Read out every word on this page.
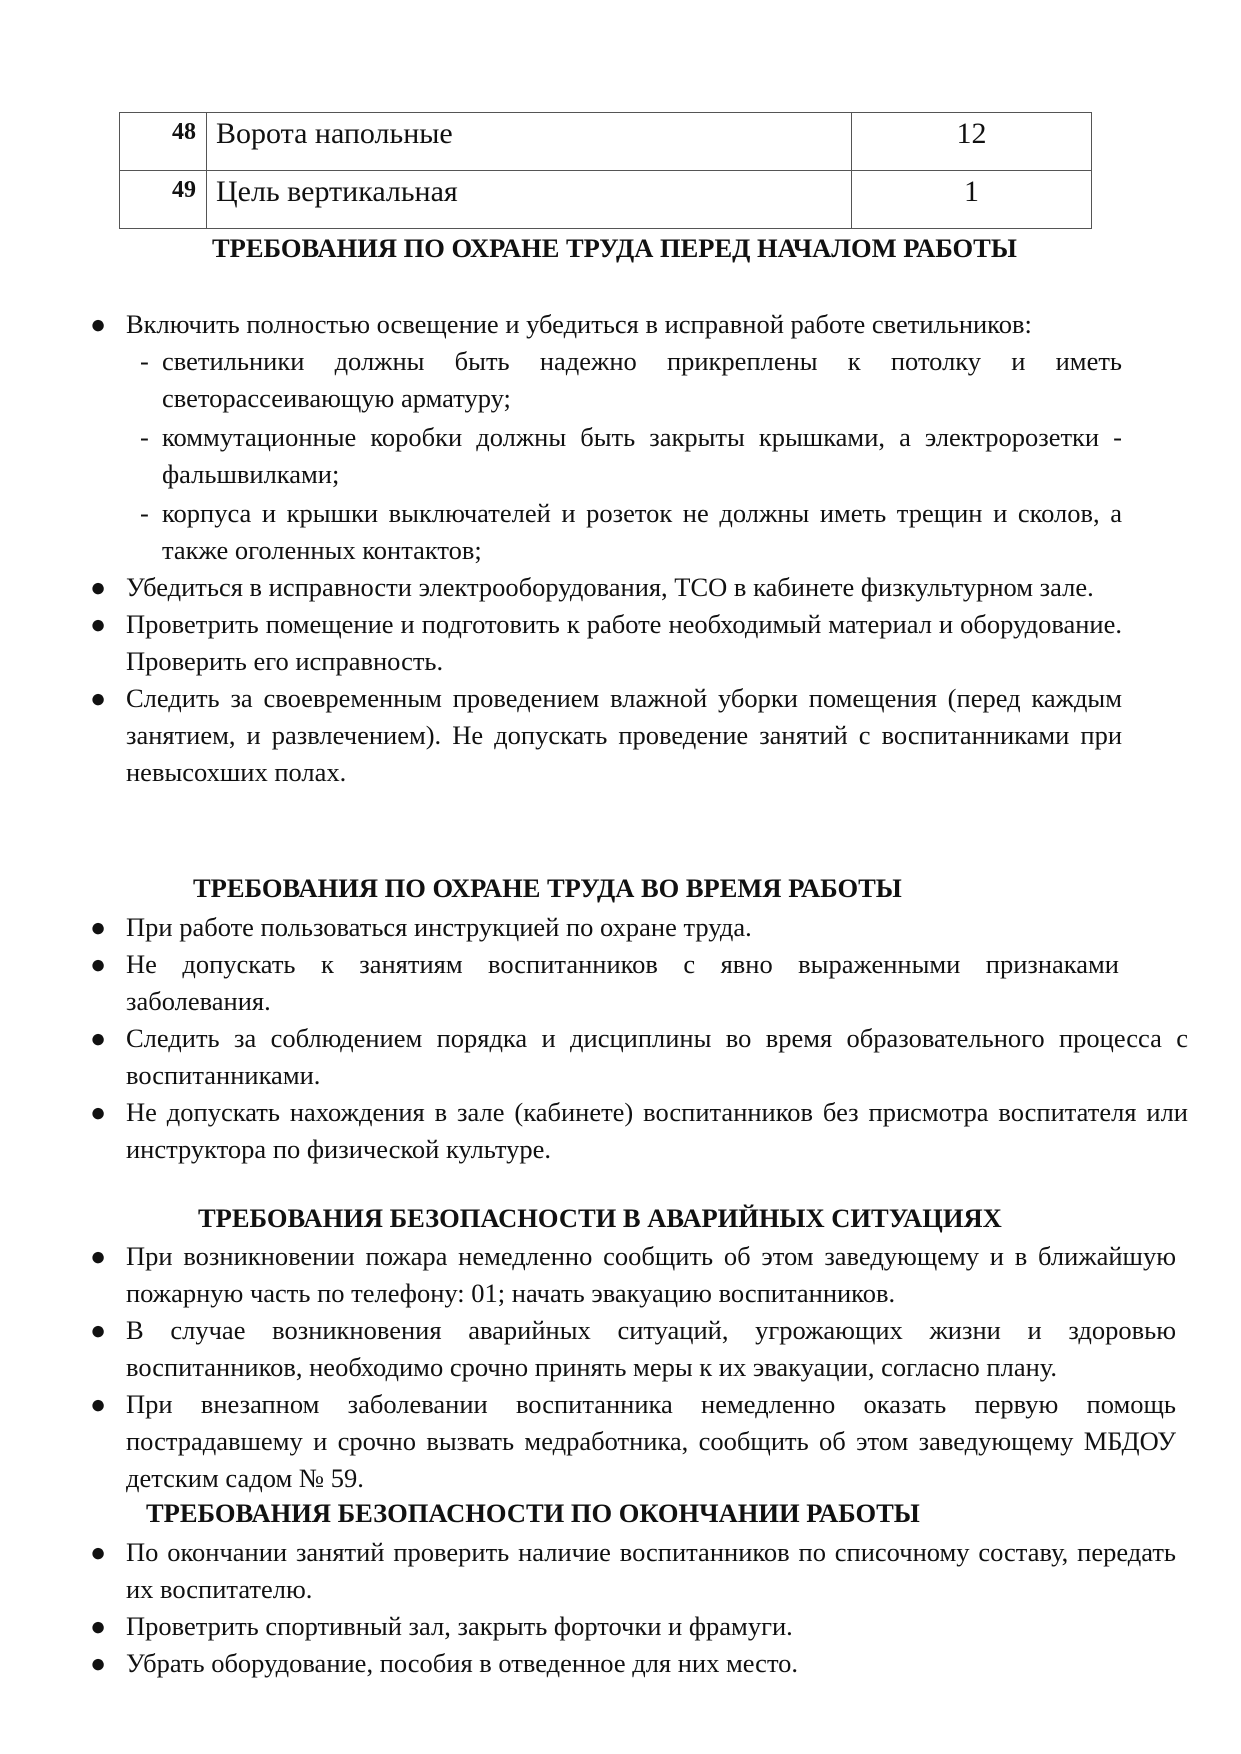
48	Ворота напольные	12
49	Цель вертикальная	1
ТРЕБОВАНИЯ ПО ОХРАНЕ ТРУДА ПЕРЕД НАЧАЛОМ РАБОТЫ
● Включить полностью освещение и убедиться в исправной работе светильников:
- светильники должны быть надежно прикреплены к потолку и иметь светорассеивающую арматуру;
- коммутационные коробки должны быть закрыты крышками, а электророзетки - фальшвилками;
- корпуса и крышки выключателей и розеток не должны иметь трещин и сколов, а также оголенных контактов;
● Убедиться в исправности электрооборудования, ТСО в кабинете физкультурном зале.
● Проветрить помещение и подготовить к работе необходимый материал и оборудование. Проверить его исправность.
● Следить за своевременным проведением влажной уборки помещения (перед каждым занятием, и развлечением). Не допускать проведение занятий с воспитанниками при невысохших полах.
ТРЕБОВАНИЯ ПО ОХРАНЕ ТРУДА ВО ВРЕМЯ РАБОТЫ
● При работе пользоваться инструкцией по охране труда.
● Не допускать к занятиям воспитанников с явно выраженными признаками заболевания.
● Следить за соблюдением порядка и дисциплины во время образовательного процесса с воспитанниками.
● Не допускать нахождения в зале (кабинете) воспитанников без присмотра воспитателя или инструктора по физической культуре.
ТРЕБОВАНИЯ БЕЗОПАСНОСТИ В АВАРИЙНЫХ СИТУАЦИЯХ
● При возникновении пожара немедленно сообщить об этом заведующему и в ближайшую пожарную часть по телефону: 01; начать эвакуацию воспитанников.
● В случае возникновения аварийных ситуаций, угрожающих жизни и здоровью воспитанников, необходимо срочно принять меры к их эвакуации, согласно плану.
● При внезапном заболевании воспитанника немедленно оказать первую помощь пострадавшему и срочно вызвать медработника, сообщить об этом заведующему МБДОУ детским садом № 59.
ТРЕБОВАНИЯ БЕЗОПАСНОСТИ ПО ОКОНЧАНИИ РАБОТЫ
● По окончании занятий проверить наличие воспитанников по списочному составу, передать их воспитателю.
● Проветрить спортивный зал, закрыть форточки и фрамуги.
● Убрать оборудование, пособия в отведенное для них место.
